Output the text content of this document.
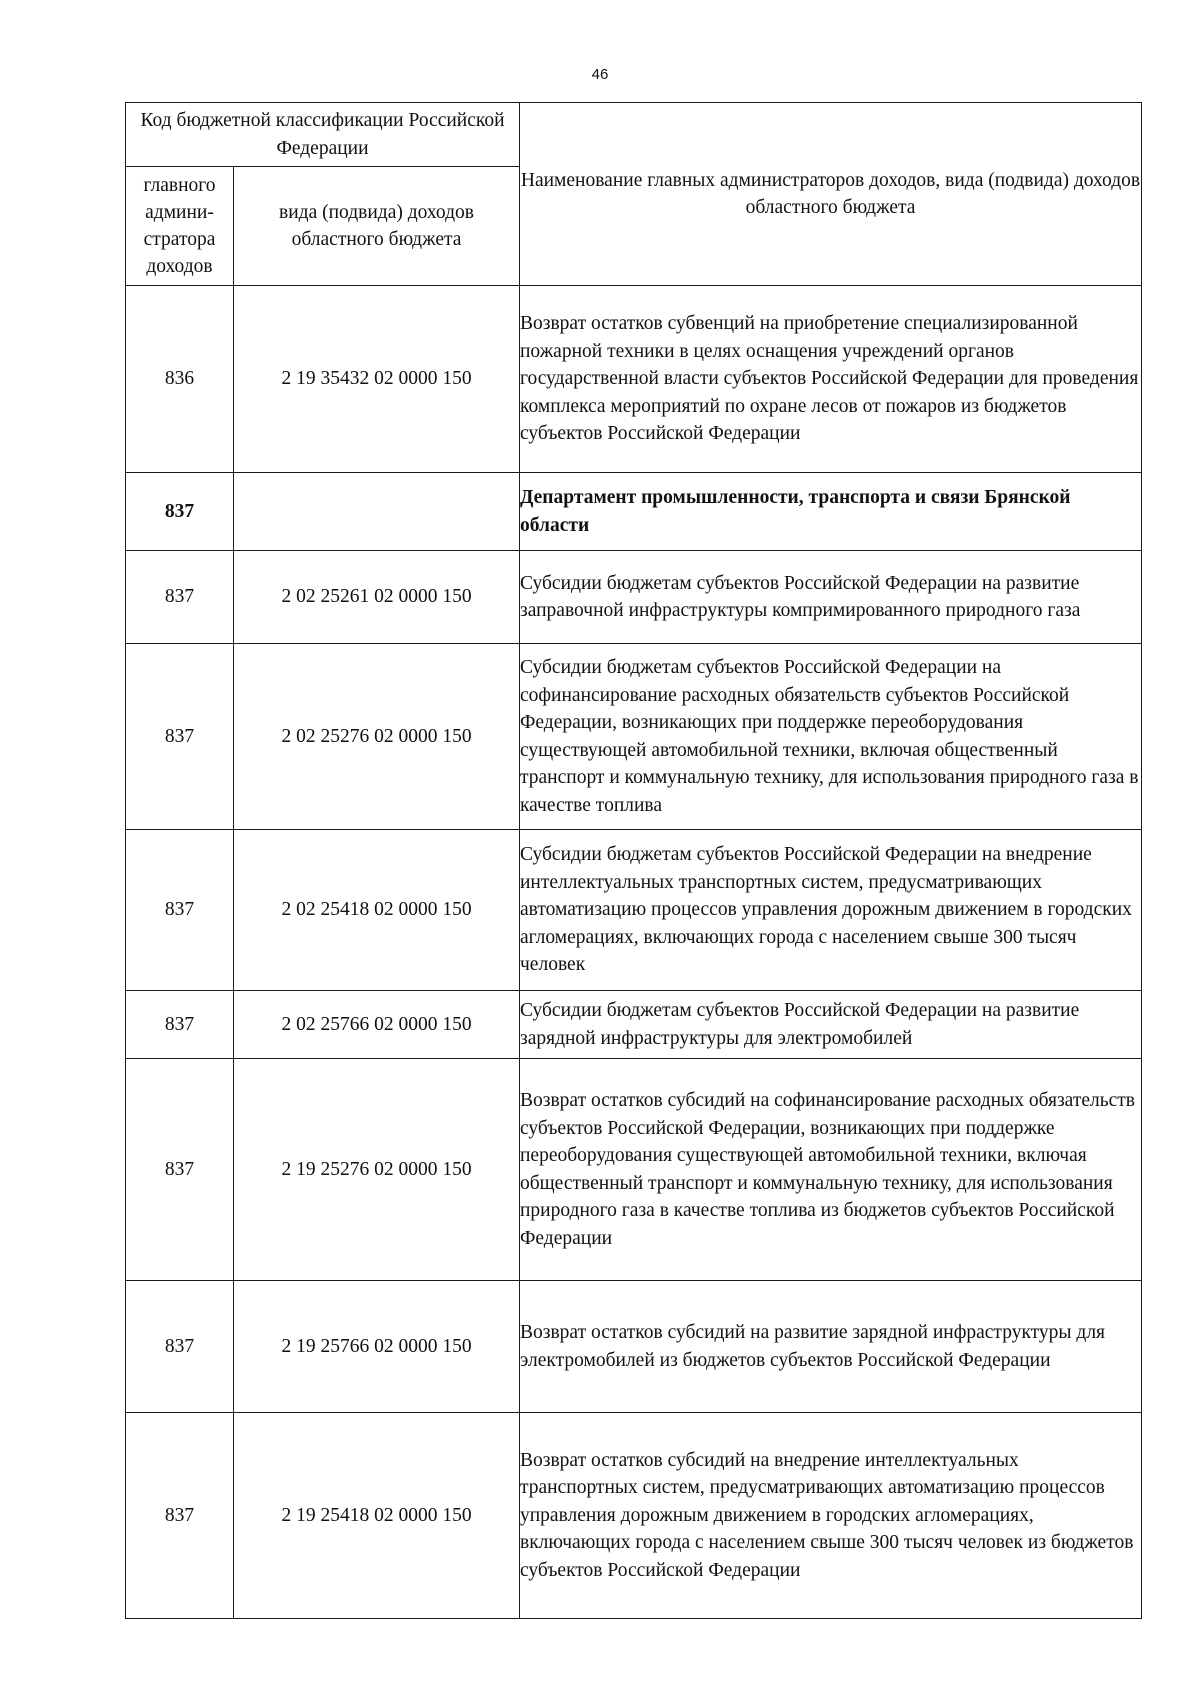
46
Код бюджетной классификации Российской Федерации		Наименование главных администраторов доходов, вида (подвида) доходов областного бюджета
главного админи- стратора доходов	вида (подвида) доходов областного бюджета	
836	2 19 35432 02 0000 150	Возврат остатков субвенций на приобретение специализированной пожарной техники в целях оснащения учреждений органов государственной власти субъектов Российской Федерации для проведения комплекса мероприятий по охране лесов от пожаров из бюджетов субъектов Российской Федерации
837		Департамент промышленности, транспорта и связи Брянской области
837	2 02 25261 02 0000 150	Субсидии бюджетам субъектов Российской Федерации на развитие заправочной инфраструктуры компримированного природного газа
837	2 02 25276 02 0000 150	Субсидии бюджетам субъектов Российской Федерации на софинансирование расходных обязательств субъектов Российской Федерации, возникающих при поддержке переоборудования существующей автомобильной техники, включая общественный транспорт и коммунальную технику, для использования природного газа в качестве топлива
837	2 02 25418 02 0000 150	Субсидии бюджетам субъектов Российской Федерации на внедрение интеллектуальных транспортных систем, предусматривающих автоматизацию процессов управления дорожным движением в городских агломерациях, включающих города с населением свыше 300 тысяч человек
837	2 02 25766 02 0000 150	Субсидии бюджетам субъектов Российской Федерации на развитие зарядной инфраструктуры для электромобилей
837	2 19 25276 02 0000 150	Возврат остатков субсидий на софинансирование расходных обязательств субъектов Российской Федерации, возникающих при поддержке переоборудования существующей автомобильной техники, включая общественный транспорт и коммунальную технику, для использования природного газа в качестве топлива из бюджетов субъектов Российской Федерации
837	2 19 25766 02 0000 150	Возврат остатков субсидий на развитие зарядной инфраструктуры для электромобилей из бюджетов субъектов Российской Федерации
837	2 19 25418 02 0000 150	Возврат остатков субсидий на внедрение интеллектуальных транспортных систем, предусматривающих автоматизацию процессов управления дорожным движением в городских агломерациях, включающих города с населением свыше 300 тысяч человек из бюджетов субъектов Российской Федерации
